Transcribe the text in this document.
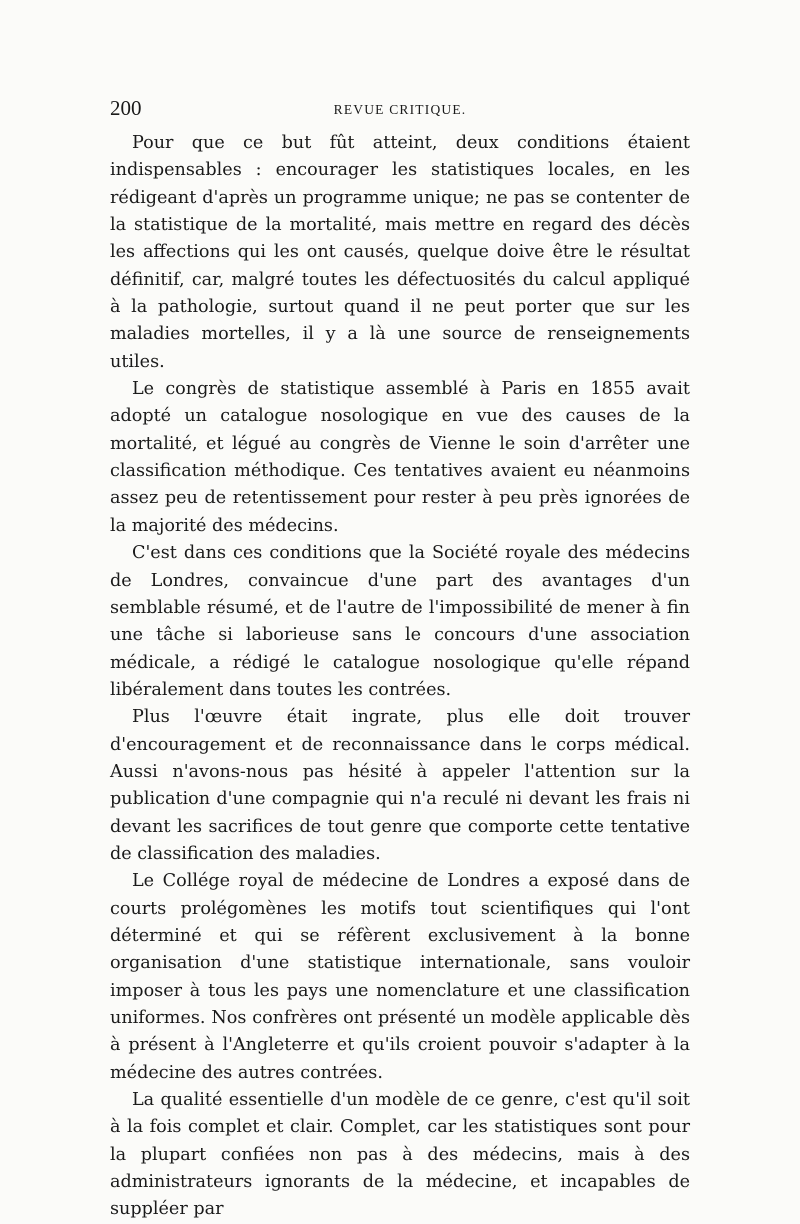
200	REVUE CRITIQUE.

Pour que ce but fût atteint, deux conditions étaient indispensables : encourager les statistiques locales, en les rédigeant d'après un programme unique; ne pas se contenter de la statistique de la mortalité, mais mettre en regard des décès les affections qui les ont causés, quelque doive être le résultat définitif, car, malgré toutes les défectuosités du calcul appliqué à la pathologie, surtout quand il ne peut porter que sur les maladies mortelles, il y a là une source de renseignements utiles.

Le congrès de statistique assemblé à Paris en 1855 avait adopté un catalogue nosologique en vue des causes de la mortalité, et légué au congrès de Vienne le soin d'arrêter une classification méthodique. Ces tentatives avaient eu néanmoins assez peu de retentissement pour rester à peu près ignorées de la majorité des médecins.

C'est dans ces conditions que la Société royale des médecins de Londres, convaincue d'une part des avantages d'un semblable résumé, et de l'autre de l'impossibilité de mener à fin une tâche si laborieuse sans le concours d'une association médicale, a rédigé le catalogue nosologique qu'elle répand libéralement dans toutes les contrées.

Plus l'œuvre était ingrate, plus elle doit trouver d'encouragement et de reconnaissance dans le corps médical. Aussi n'avons-nous pas hésité à appeler l'attention sur la publication d'une compagnie qui n'a reculé ni devant les frais ni devant les sacrifices de tout genre que comporte cette tentative de classification des maladies.

Le Collége royal de médecine de Londres a exposé dans de courts prolégomènes les motifs tout scientifiques qui l'ont déterminé et qui se réfèrent exclusivement à la bonne organisation d'une statistique internationale, sans vouloir imposer à tous les pays une nomenclature et une classification uniformes. Nos confrères ont présenté un modèle applicable dès à présent à l'Angleterre et qu'ils croient pouvoir s'adapter à la médecine des autres contrées.

La qualité essentielle d'un modèle de ce genre, c'est qu'il soit à la fois complet et clair. Complet, car les statistiques sont pour la plupart confiées non pas à des médecins, mais à des administrateurs ignorants de la médecine, et incapables de suppléer par
